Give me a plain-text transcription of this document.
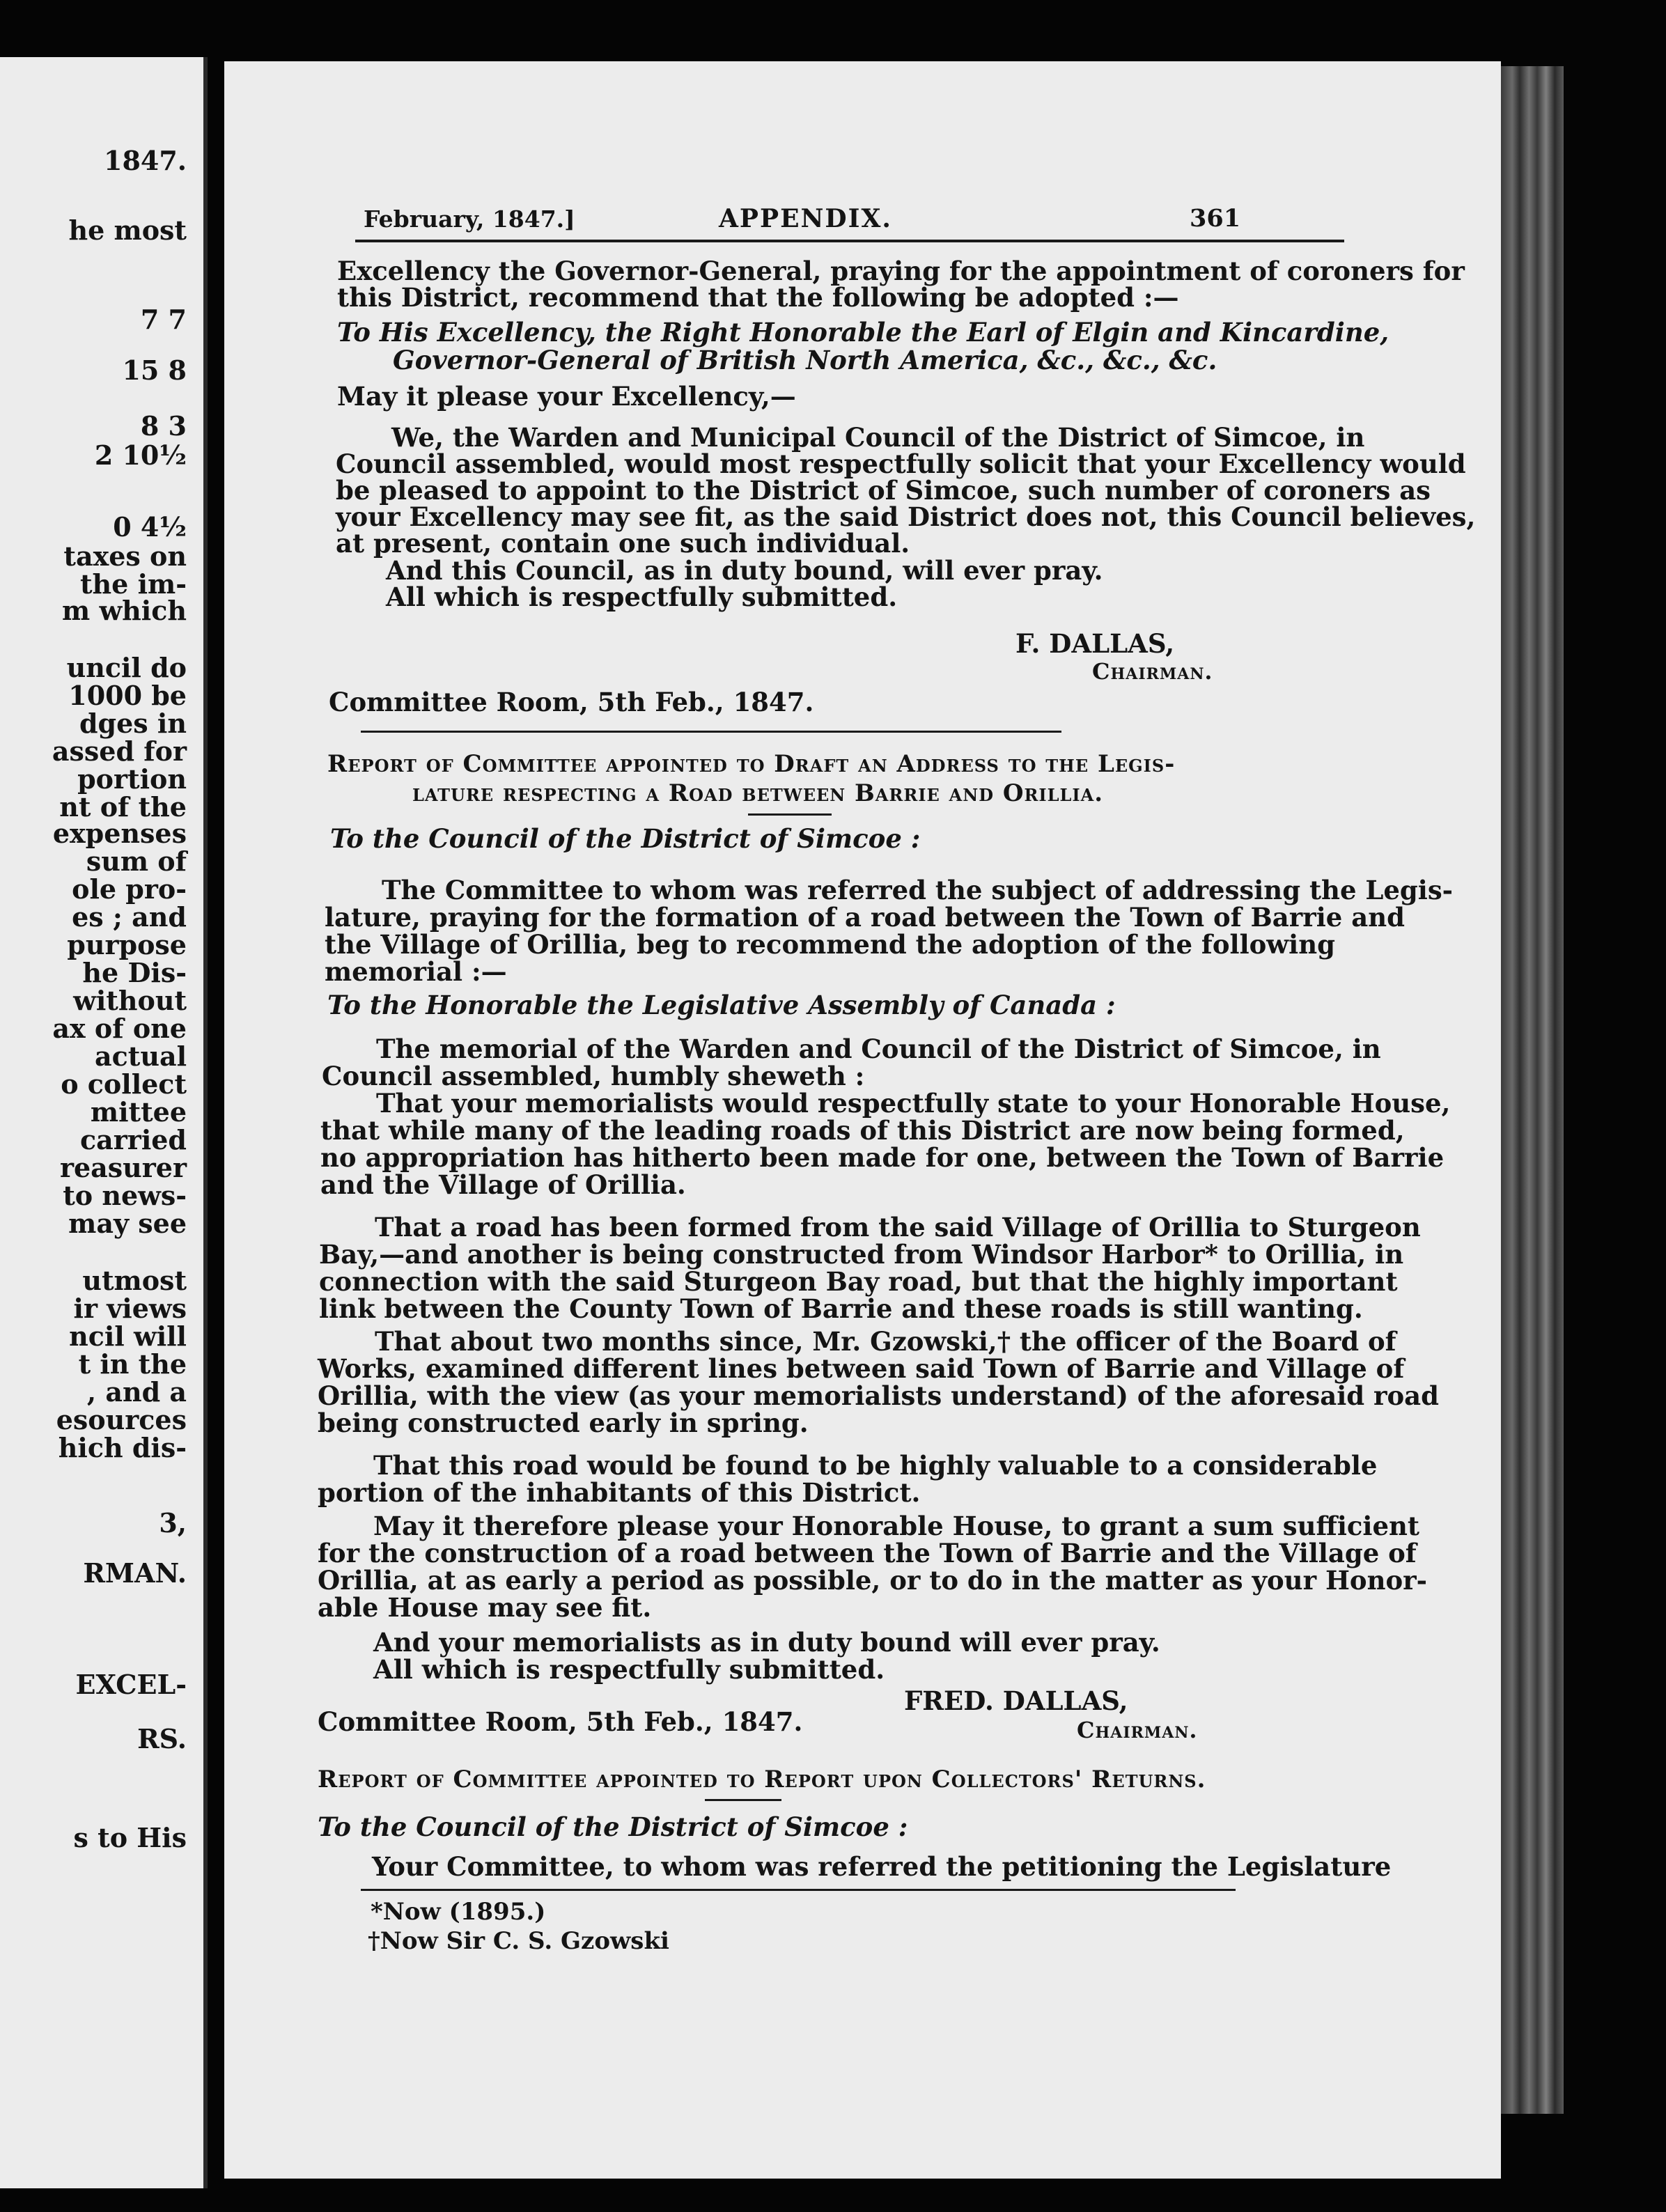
1847.
he most
7 7
15 8
8 3
2 10½
0 4½
taxes on
the im-
m which
uncil do
1000 be
dges in
assed for
portion
nt of the
expenses
sum of
ole pro-
es ; and
purpose
he Dis-
without
ax of one
actual
o collect
mittee
carried
reasurer
to news-
may see
utmost
ir views
ncil will
t in the
, and a
esources
hich dis-
3,
RMAN.
EXCEL-
RS.
s to His
February, 1847.]	APPENDIX.	361
Excellency the Governor-General, praying for the appointment of coroners for
this District, recommend that the following be adopted :—
To His Excellency, the Right Honorable the Earl of Elgin and Kincardine,
Governor-General of British North America, &c., &c., &c.
May it please your Excellency,—
We, the Warden and Municipal Council of the District of Simcoe, in
Council assembled, would most respectfully solicit that your Excellency would
be pleased to appoint to the District of Simcoe, such number of coroners as
your Excellency may see fit, as the said District does not, this Council believes,
at present, contain one such individual.
And this Council, as in duty bound, will ever pray.
All which is respectfully submitted.
F. DALLAS,
Chairman.
Committee Room, 5th Feb., 1847.
Report of Committee appointed to Draft an Address to the Legis-
lature respecting a Road between Barrie and Orillia.
To the Council of the District of Simcoe :
The Committee to whom was referred the subject of addressing the Legis-
lature, praying for the formation of a road between the Town of Barrie and
the Village of Orillia, beg to recommend the adoption of the following
memorial :—
To the Honorable the Legislative Assembly of Canada :
The memorial of the Warden and Council of the District of Simcoe, in
Council assembled, humbly sheweth :
That your memorialists would respectfully state to your Honorable House,
that while many of the leading roads of this District are now being formed,
no appropriation has hitherto been made for one, between the Town of Barrie
and the Village of Orillia.
That a road has been formed from the said Village of Orillia to Sturgeon
Bay,—and another is being constructed from Windsor Harbor* to Orillia, in
connection with the said Sturgeon Bay road, but that the highly important
link between the County Town of Barrie and these roads is still wanting.
That about two months since, Mr. Gzowski,† the officer of the Board of
Works, examined different lines between said Town of Barrie and Village of
Orillia, with the view (as your memorialists understand) of the aforesaid road
being constructed early in spring.
That this road would be found to be highly valuable to a considerable
portion of the inhabitants of this District.
May it therefore please your Honorable House, to grant a sum sufficient
for the construction of a road between the Town of Barrie and the Village of
Orillia, at as early a period as possible, or to do in the matter as your Honor-
able House may see fit.
And your memorialists as in duty bound will ever pray.
All which is respectfully submitted.
Committee Room, 5th Feb., 1847.
FRED. DALLAS,
Chairman.
Report of Committee appointed to Report upon Collectors' Returns.
To the Council of the District of Simcoe :
Your Committee, to whom was referred the petitioning the Legislature
*Now (1895.)
†Now Sir C. S. Gzowski
